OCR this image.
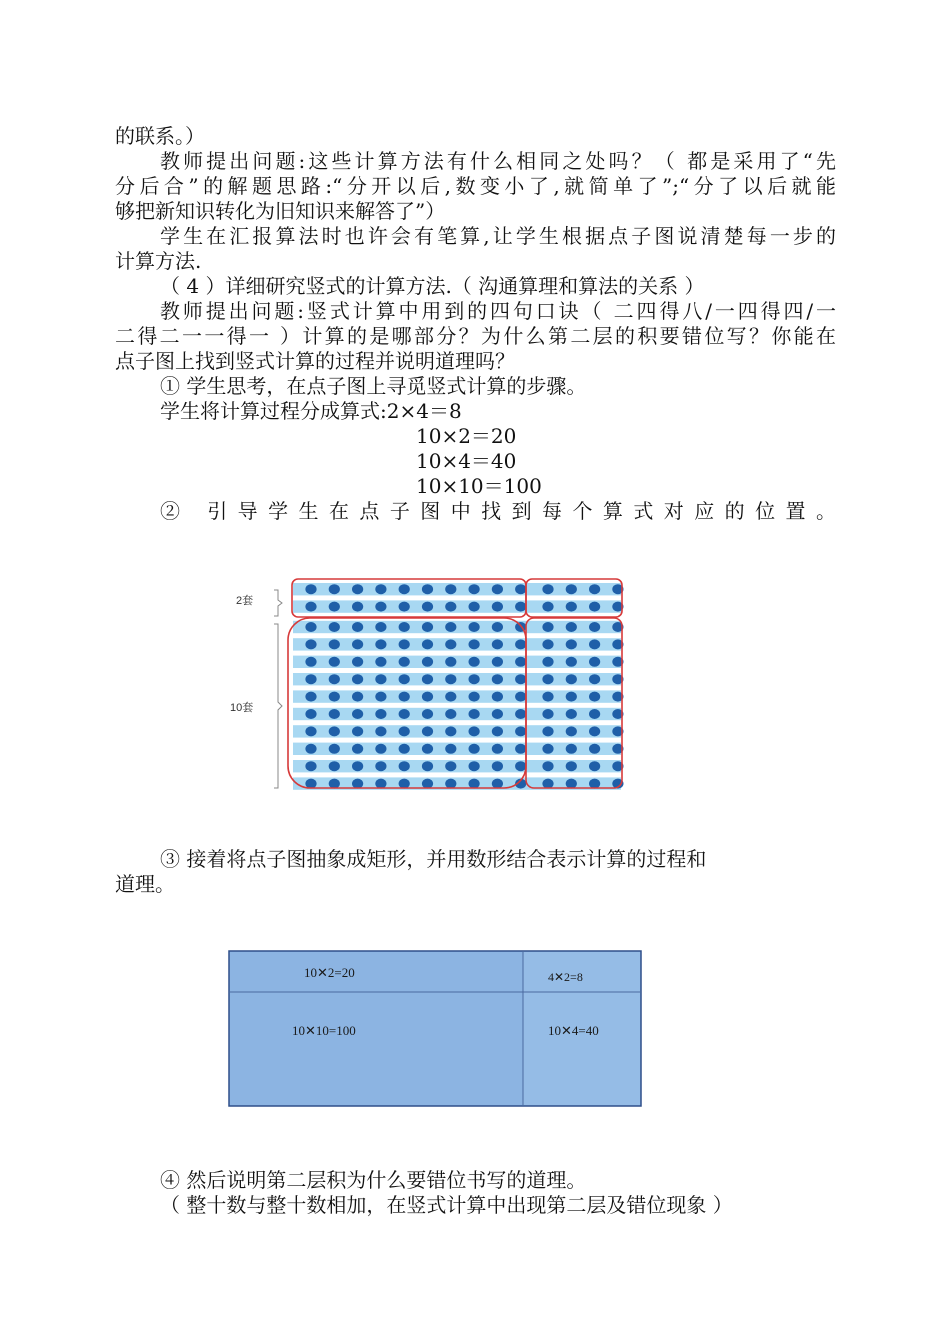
的联系。）
教师提出问题:这些计算方法有什么相同之处吗？（ 都是采用了“先
分后合”的解题思路:“分开以后,数变小了,就简单了”;“分了以后就能
够把新知识转化为旧知识来解答了”）
学生在汇报算法时也许会有笔算,让学生根据点子图说清楚每一步的
计算方法.
（ 4 ）详细研究竖式的计算方法.（ 沟通算理和算法的关系 ）
教师提出问题:竖式计算中用到的四句口诀（ 二四得八/一四得四/一
二得二一一得一 ）计算的是哪部分？为什么第二层的积要错位写？你能在
点子图上找到竖式计算的过程并说明道理吗？
① 学生思考，在点子图上寻觅竖式计算的步骤。
学生将计算过程分成算式:2×4＝8
10×2＝20
10×4＝40
10×10＝100
② 引导学生在点子图中找到每个算式对应的位置。
2套
10套
③ 接着将点子图抽象成矩形，并用数形结合表示计算的过程和
道理。
10✕2=20	4✕2=8
10✕10=100	10✕4=40
④ 然后说明第二层积为什么要错位书写的道理。
（ 整十数与整十数相加，在竖式计算中出现第二层及错位现象 ）
